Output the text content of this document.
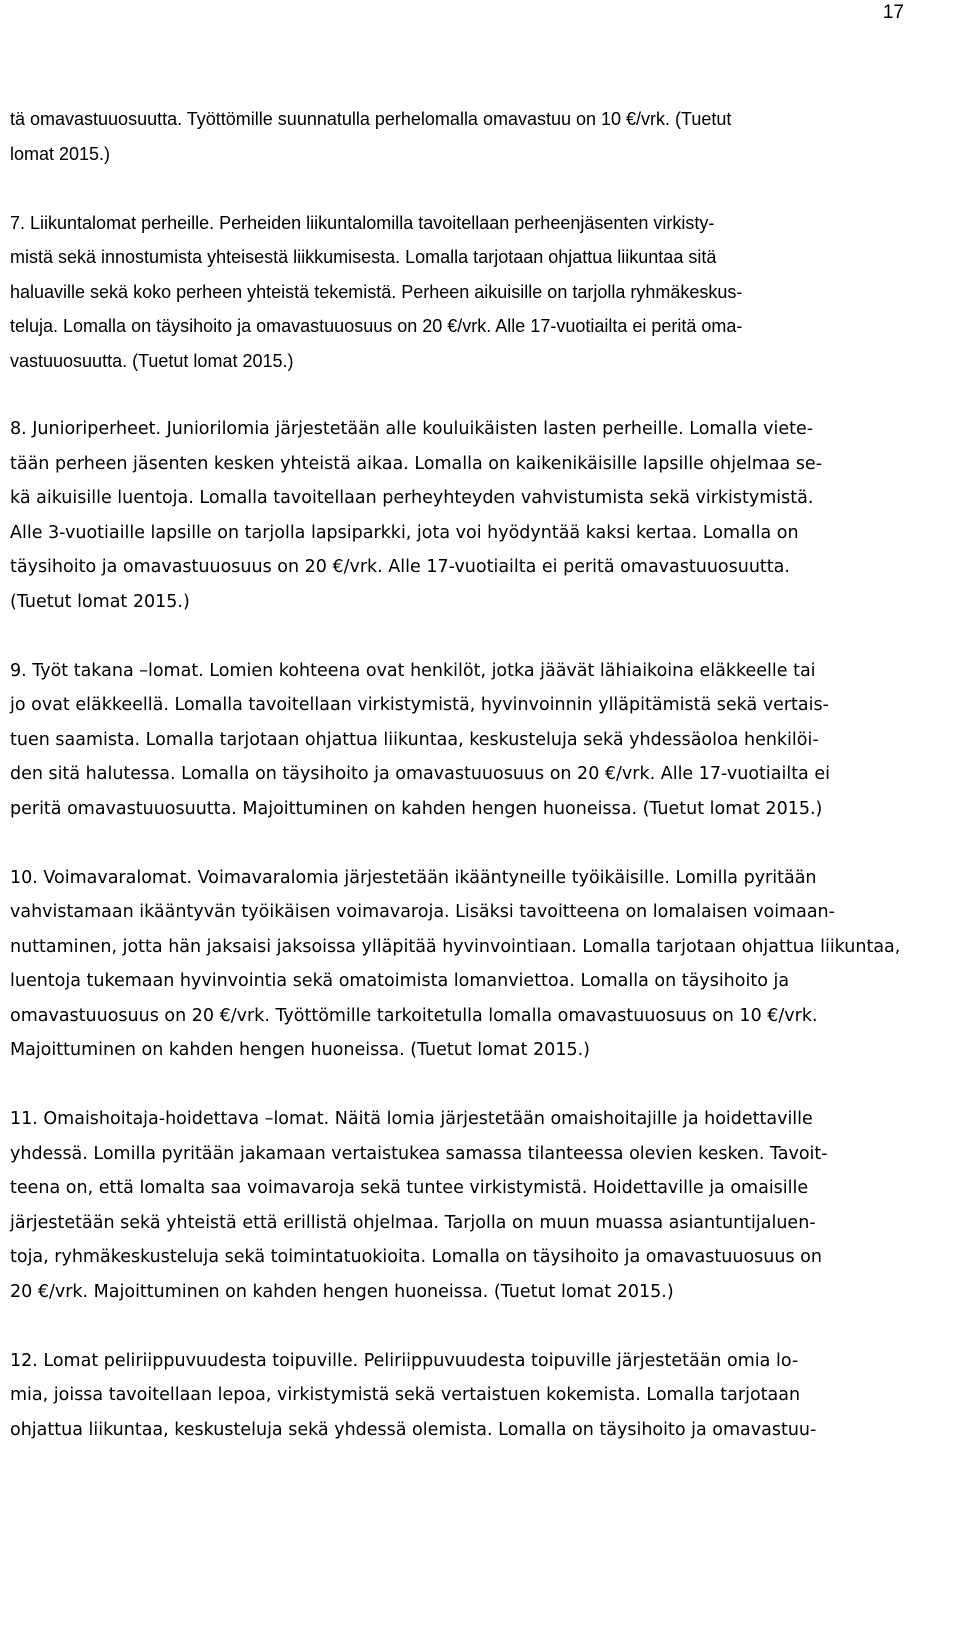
17

tä omavastuuosuutta. Työttömille suunnatulla perhelomalla omavastuu on 10 €/vrk. (Tuetut
lomat 2015.)

7. Liikuntalomat perheille. Perheiden liikuntalomilla tavoitellaan perheenjäsenten virkisty-
mistä sekä innostumista yhteisestä liikkumisesta. Lomalla tarjotaan ohjattua liikuntaa sitä
haluaville sekä koko perheen yhteistä tekemistä. Perheen aikuisille on tarjolla ryhmäkeskus-
teluja. Lomalla on täysihoito ja omavastuuosuus on 20 €/vrk. Alle 17-vuotiailta ei peritä oma-
vastuuosuutta. (Tuetut lomat 2015.)

8. Junioriperheet. Juniorilomia järjestetään alle kouluikäisten lasten perheille. Lomalla viete-
tään perheen jäsenten kesken yhteistä aikaa. Lomalla on kaikenikäisille lapsille ohjelmaa se-
kä aikuisille luentoja. Lomalla tavoitellaan perheyhteyden vahvistumista sekä virkistymistä.
Alle 3-vuotiaille lapsille on tarjolla lapsiparkki, jota voi hyödyntää kaksi kertaa. Lomalla on
täysihoito ja omavastuuosuus on 20 €/vrk. Alle 17-vuotiailta ei peritä omavastuuosuutta.
(Tuetut lomat 2015.)

9. Työt takana –lomat. Lomien kohteena ovat henkilöt, jotka jäävät lähiaikoina eläkkeelle tai
jo ovat eläkkeellä. Lomalla tavoitellaan virkistymistä, hyvinvoinnin ylläpitämistä sekä vertais-
tuen saamista. Lomalla tarjotaan ohjattua liikuntaa, keskusteluja sekä yhdessäoloa henkilöi-
den sitä halutessa. Lomalla on täysihoito ja omavastuuosuus on 20 €/vrk. Alle 17-vuotiailta ei
peritä omavastuuosuutta. Majoittuminen on kahden hengen huoneissa. (Tuetut lomat 2015.)

10. Voimavaralomat. Voimavaralomia järjestetään ikääntyneille työikäisille. Lomilla pyritään
vahvistamaan ikääntyvän työikäisen voimavaroja. Lisäksi tavoitteena on lomalaisen voimaan-
nuttaminen, jotta hän jaksaisi jaksoissa ylläpitää hyvinvointiaan. Lomalla tarjotaan ohjattua liikuntaa,
luentoja tukemaan hyvinvointia sekä omatoimista lomanviettoa. Lomalla on täysihoito ja
omavastuuosuus on 20 €/vrk. Työttömille tarkoitetulla lomalla omavastuuosuus on 10 €/vrk.
Majoittuminen on kahden hengen huoneissa. (Tuetut lomat 2015.)

11. Omaishoitaja-hoidettava –lomat. Näitä lomia järjestetään omaishoitajille ja hoidettaville
yhdessä. Lomilla pyritään jakamaan vertaistukea samassa tilanteessa olevien kesken. Tavoit-
teena on, että lomalta saa voimavaroja sekä tuntee virkistymistä. Hoidettaville ja omaisille
järjestetään sekä yhteistä että erillistä ohjelmaa. Tarjolla on muun muassa asiantuntijaluen-
toja, ryhmäkeskusteluja sekä toimintatuokioita. Lomalla on täysihoito ja omavastuuosuus on
20 €/vrk. Majoittuminen on kahden hengen huoneissa. (Tuetut lomat 2015.)

12. Lomat peliriippuvuudesta toipuville. Peliriippuvuudesta toipuville järjestetään omia lo-
mia, joissa tavoitellaan lepoa, virkistymistä sekä vertaistuen kokemista. Lomalla tarjotaan
ohjattua liikuntaa, keskusteluja sekä yhdessä olemista. Lomalla on täysihoito ja omavastuu-
